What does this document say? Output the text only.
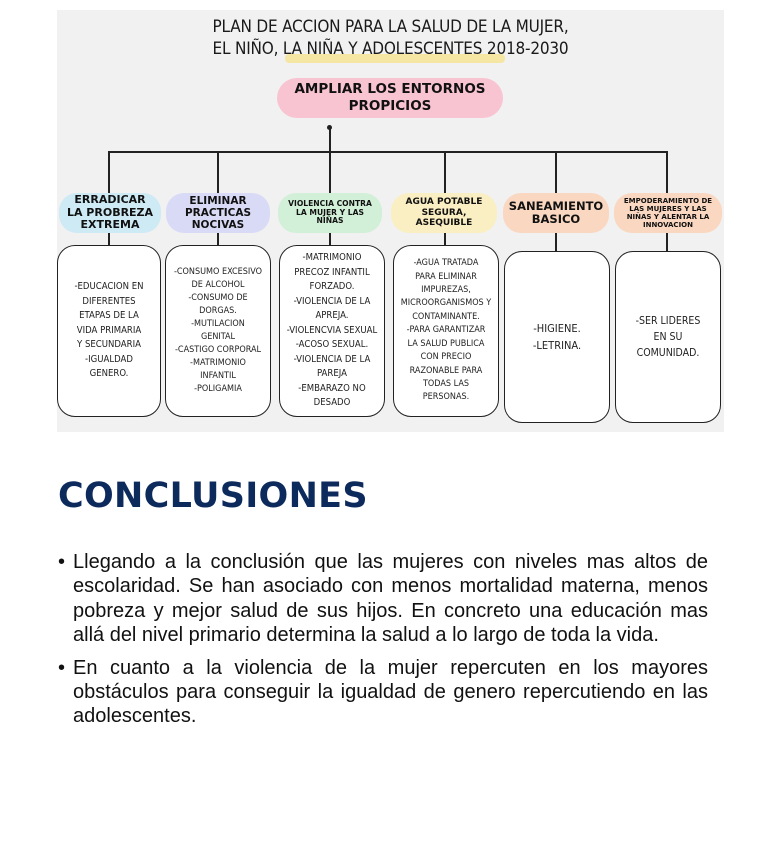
PLAN DE ACCION PARA LA SALUD DE LA MUJER,
EL NIÑO, LA NIÑA Y ADOLESCENTES 2018-2030
AMPLIAR LOS ENTORNOS
PROPICIOS
ERRADICAR
LA PROBREZA
EXTREMA
ELIMINAR
PRACTICAS
NOCIVAS
VIOLENCIA CONTRA
LA MUJER Y LAS
NIÑAS
AGUA POTABLE
SEGURA,
ASEQUIBLE
SANEAMIENTO
BASICO
EMPODERAMIENTO DE
LAS MUJERES Y LAS
NIÑAS Y ALENTAR LA
INNOVACION
-EDUCACION EN
DIFERENTES
ETAPAS DE LA
VIDA PRIMARIA
Y SECUNDARIA
-IGUALDAD
GENERO.
-CONSUMO EXCESIVO
DE ALCOHOL
-CONSUMO DE
DORGAS.
-MUTILACION
GENITAL
-CASTIGO CORPORAL
-MATRIMONIO
INFANTIL
-POLIGAMIA
-MATRIMONIO
PRECOZ INFANTIL
FORZADO.
-VIOLENCIA DE LA
APREJA.
-VIOLENCVIA SEXUAL
-ACOSO SEXUAL.
-VIOLENCIA DE LA
PAREJA
-EMBARAZO NO
DESADO
-AGUA TRATADA
PARA ELIMINAR
IMPUREZAS,
MICROORGANISMOS Y
CONTAMINANTE.
-PARA GARANTIZAR
LA SALUD PUBLICA
CON PRECIO
RAZONABLE PARA
TODAS LAS
PERSONAS.
-HIGIENE.
-LETRINA.
-SER LIDERES
EN SU
COMUNIDAD.
CONCLUSIONES
• Llegando a la conclusión que las mujeres con niveles mas altos de escolaridad. Se han asociado con menos mortalidad materna, menos pobreza y mejor salud de sus hijos. En concreto una educación mas allá del nivel primario determina la salud a lo largo de toda la vida.
• En cuanto a la violencia de la mujer repercuten en los mayores obstáculos para conseguir la igualdad de genero repercutiendo en las adolescentes.
